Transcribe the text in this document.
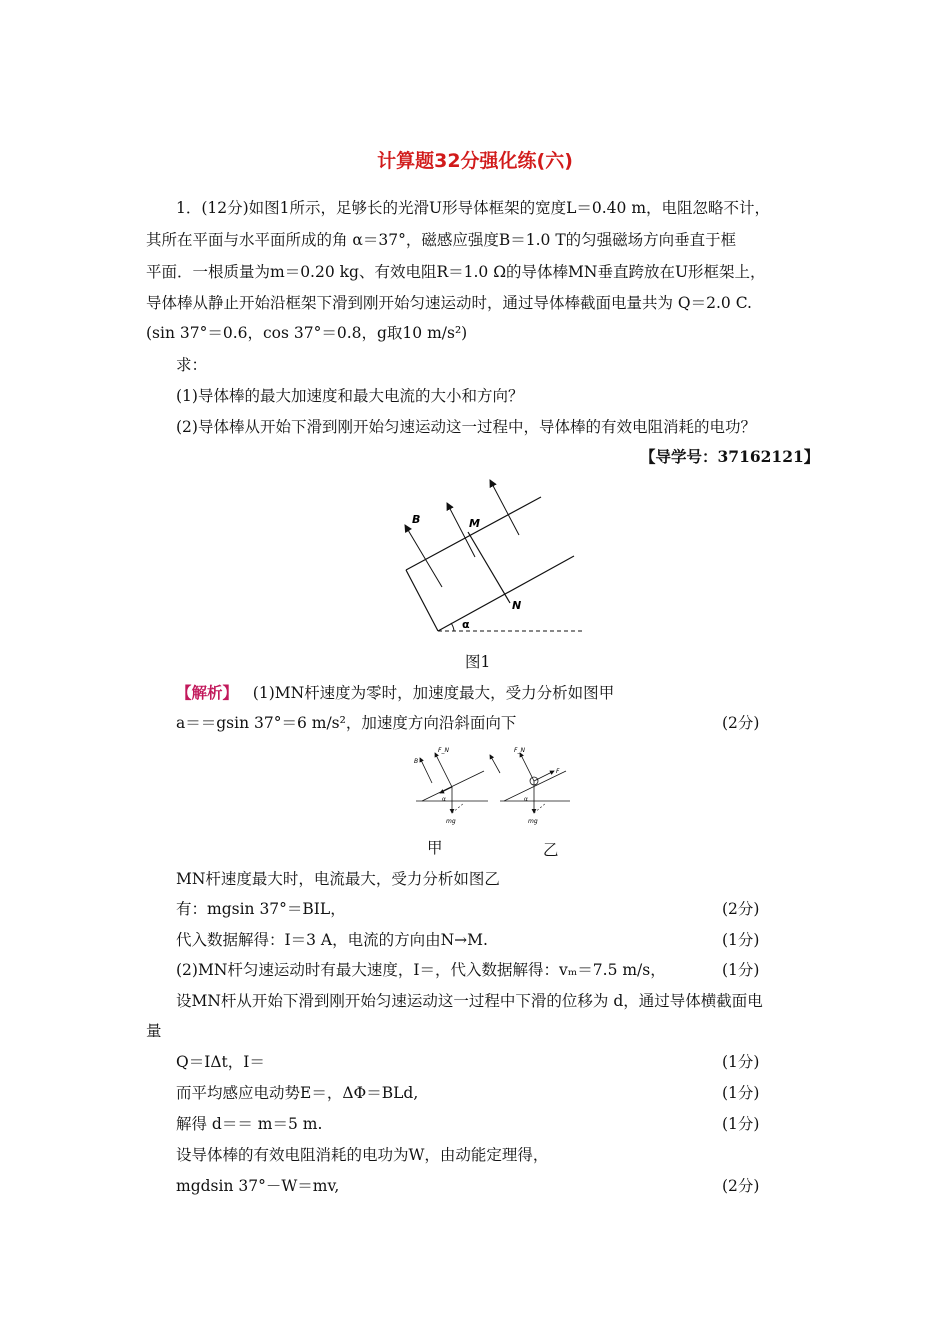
计算题32分强化练(六)
1．(12分)如图1所示，足够长的光滑U形导体框架的宽度L＝0.40 m，电阻忽略不计，
其所在平面与水平面所成的角 α＝37°，磁感应强度B＝1.0 T的匀强磁场方向垂直于框
平面．一根质量为m＝0.20 kg、有效电阻R＝1.0 Ω的导体棒MN垂直跨放在U形框架上，
导体棒从静止开始沿框架下滑到刚开始匀速运动时，通过导体棒截面电量共为 Q＝2.0 C.
(sin 37°＝0.6，cos 37°＝0.8，g取10 m/s²)
求：
(1)导体棒的最大加速度和最大电流的大小和方向？
(2)导体棒从开始下滑到刚开始匀速运动这一过程中，导体棒的有效电阻消耗的电功？
【导学号：37162121】
B	M
N
α
图1
【解析】 (1)MN杆速度为零时，加速度最大，受力分析如图甲
a＝＝gsin 37°＝6 m/s²，加速度方向沿斜面向下	(2分)
F_N
B
α
mg
F_N
F
α
mg
甲	乙
MN杆速度最大时，电流最大，受力分析如图乙
有：mgsin 37°＝BIL，	(2分)
代入数据解得：I＝3 A，电流的方向由N→M.	(1分)
(2)MN杆匀速运动时有最大速度，I＝，代入数据解得：vₘ＝7.5 m/s，	(1分)
设MN杆从开始下滑到刚开始匀速运动这一过程中下滑的位移为 d，通过导体横截面电
量
Q＝IΔt，I＝	(1分)
而平均感应电动势E＝，ΔΦ＝BLd,	(1分)
解得 d＝＝ m＝5 m.	(1分)
设导体棒的有效电阻消耗的电功为W，由动能定理得，
mgdsin 37°－W＝mv,	(2分)
